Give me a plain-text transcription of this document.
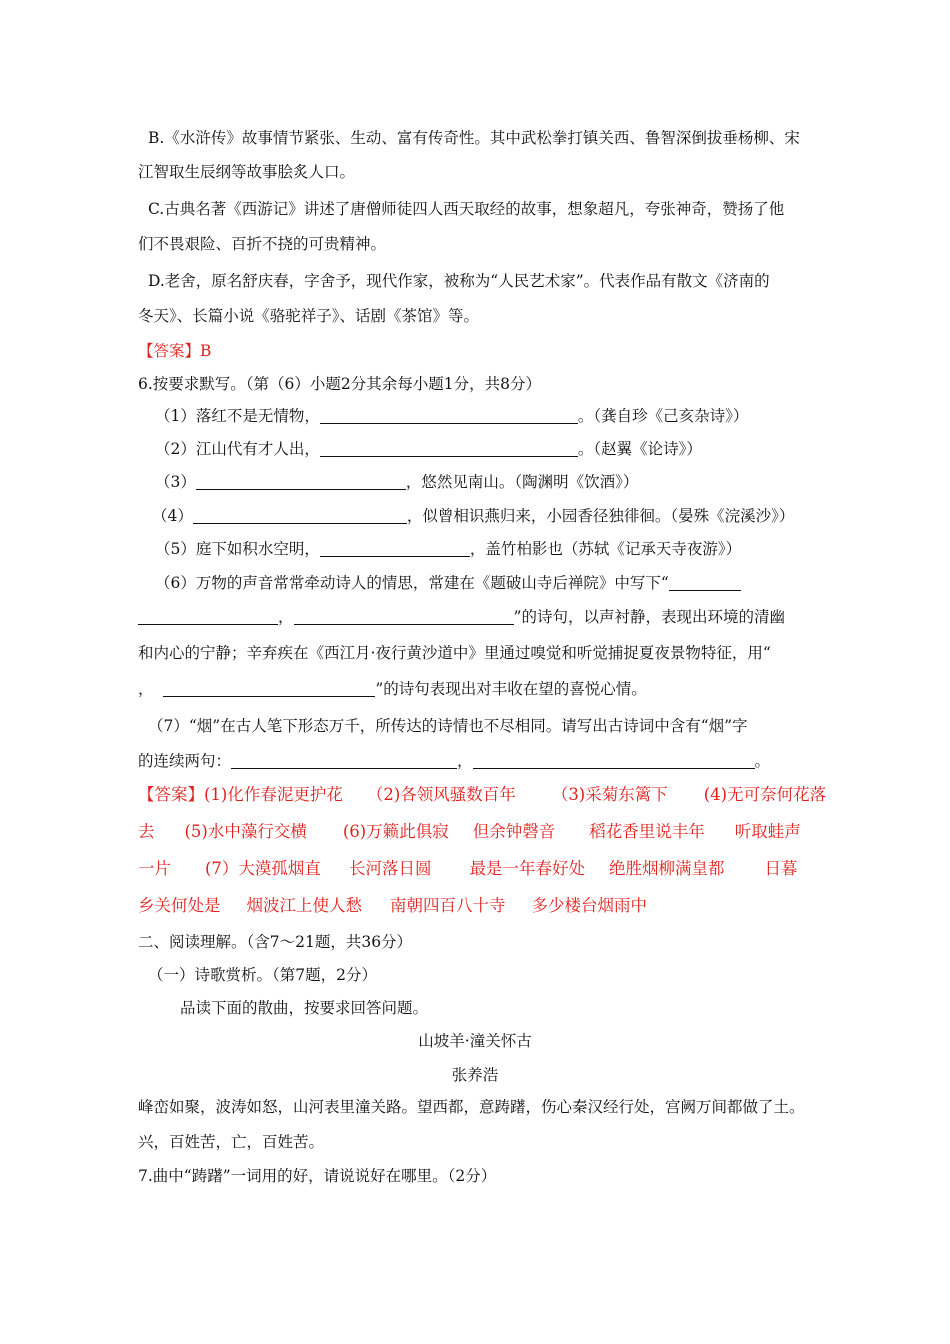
B.《水浒传》故事情节紧张、生动、富有传奇性。其中武松拳打镇关西、鲁智深倒拔垂杨柳、宋
江智取生辰纲等故事脍炙人口。
C.古典名著《西游记》讲述了唐僧师徒四人西天取经的故事，想象超凡，夸张神奇，赞扬了他
们不畏艰险、百折不挠的可贵精神。
D.老舍，原名舒庆春，字舍予，现代作家，被称为“人民艺术家”。代表作品有散文《济南的
冬天》、长篇小说《骆驼祥子》、话剧《茶馆》等。
【答案】B
6.按要求默写。（第（6）小题2分其余每小题1分，共8分）
（1）落红不是无情物，	。（龚自珍《己亥杂诗》）
（2）江山代有才人出，	。（赵翼《论诗》）
（3）	，悠然见南山。（陶渊明《饮酒》）
（4）	，似曾相识燕归来，小园香径独徘徊。（晏殊《浣溪沙》）
（5）庭下如积水空明，	，盖竹柏影也（苏轼《记承天寺夜游》）
（6）万物的声音常常牵动诗人的情思，常建在《题破山寺后禅院》中写下“
，	”的诗句，以声衬静，表现出环境的清幽
和内心的宁静；辛弃疾在《西江月·夜行黄沙道中》里通过嗅觉和听觉捕捉夏夜景物特征，用“
，	”的诗句表现出对丰收在望的喜悦心情。
（7）“烟”在古人笔下形态万千，所传达的诗情也不尽相同。请写出古诗词中含有“烟”字
的连续两句：	，	。
【答案】(1)化作春泥更护花 （2)各领风骚数百年 （3)采菊东篱下 (4)无可奈何花落
去 (5)水中藻行交横 (6)万籁此俱寂 但余钟磬音 稻花香里说丰年 听取蛙声
一片 (7）大漠孤烟直 长河落日圆 最是一年春好处 绝胜烟柳满皇都 日暮
乡关何处是 烟波江上使人愁 南朝四百八十寺 多少楼台烟雨中
二、阅读理解。（含7～21题，共36分）
（一）诗歌赏析。（第7题，2分）
品读下面的散曲，按要求回答问题。
山坡羊·潼关怀古
张养浩
峰峦如聚，波涛如怒，山河表里潼关路。望西都，意踌躇，伤心秦汉经行处，宫阙万间都做了土。
兴，百姓苦，亡，百姓苦。
7.曲中“踌躇”一词用的好，请说说好在哪里。（2分）
